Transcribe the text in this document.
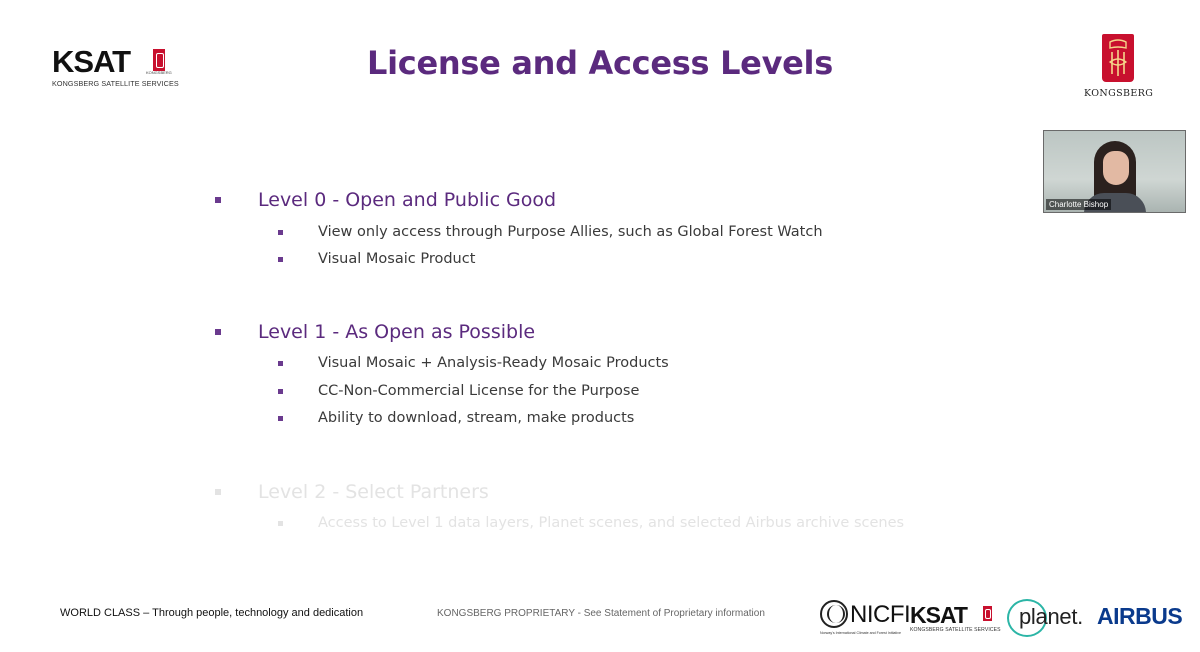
KSAT	KONGSBERG
KONGSBERG SATELLITE SERVICES
License and Access Levels
KONGSBERG
Charlotte Bishop
Level 0 - Open and Public Good
View only access through Purpose Allies, such as Global Forest Watch
Visual Mosaic Product
Level 1 - As Open as Possible
Visual Mosaic + Analysis-Ready Mosaic Products
CC-Non-Commercial License for the Purpose
Ability to download, stream, make products
Level 2 - Select Partners
Access to Level 1 data layers, Planet scenes, and selected Airbus archive scenes
WORLD CLASS – Through people, technology and dedication	KONGSBERG PROPRIETARY - See Statement of Proprietary information	NICFI
Norway's International Climate and Forest Initiative
KSAT
KONGSBERG SATELLITE SERVICES
planet. AIRBUS
